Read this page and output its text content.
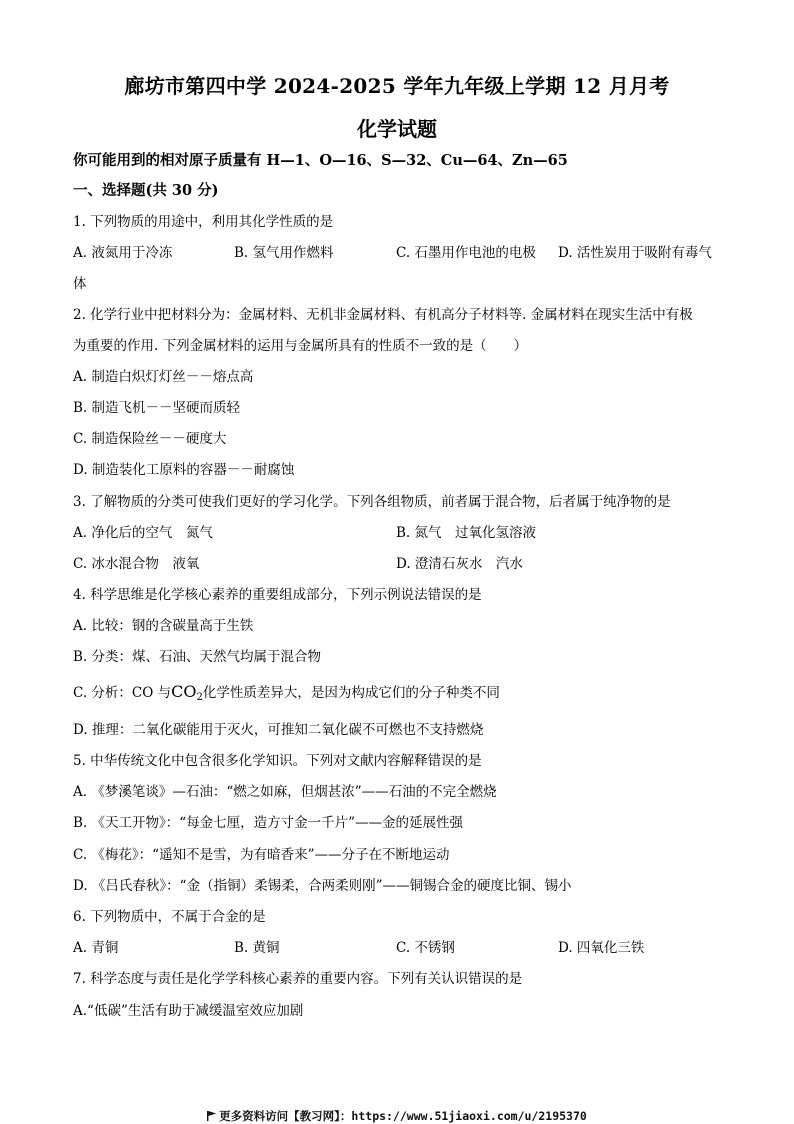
廊坊市第四中学 2024-2025 学年九年级上学期 12 月月考
化学试题
你可能用到的相对原子质量有 H—1、O—16、S—32、Cu—64、Zn—65
一、选择题(共 30 分)
1. 下列物质的用途中，利用其化学性质的是
A. 液氮用于冷冻	B. 氢气用作燃料	C. 石墨用作电池的电极 D. 活性炭用于吸附有毒气
体
2. 化学行业中把材料分为：金属材料、无机非金属材料、有机高分子材料等. 金属材料在现实生活中有极
为重要的作用. 下列金属材料的运用与金属所具有的性质不一致的是（　　）
A. 制造白炽灯灯丝－－熔点高
B. 制造飞机－－坚硬而质轻
C. 制造保险丝－－硬度大
D. 制造装化工原料的容器－－耐腐蚀
3. 了解物质的分类可使我们更好的学习化学。下列各组物质，前者属于混合物，后者属于纯净物的是
A. 净化后的空气　氮气	B. 氮气　过氧化氢溶液
C. 冰水混合物　液氧	D. 澄清石灰水　汽水
4. 科学思维是化学核心素养的重要组成部分，下列示例说法错误的是
A. 比较：钢的含碳量高于生铁
B. 分类：煤、石油、天然气均属于混合物
C. 分析：CO 与$CO_2$化学性质差异大，是因为构成它们的分子种类不同
D. 推理：二氧化碳能用于灭火，可推知二氧化碳不可燃也不支持燃烧
5. 中华传统文化中包含很多化学知识。下列对文献内容解释错误的是
A. 《梦溪笔谈》—石油：“燃之如麻，但烟甚浓”——石油的不完全燃烧
B. 《天工开物》：“每金七厘，造方寸金一千片”——金的延展性强
C. 《梅花》：“遥知不是雪，为有暗香来”——分子在不断地运动
D. 《吕氏春秋》：“金（指铜）柔锡柔，合两柔则刚”——铜锡合金的硬度比铜、锡小
6. 下列物质中，不属于合金的是
A. 青铜	B. 黄铜	C. 不锈钢	D. 四氧化三铁
7. 科学态度与责任是化学学科核心素养的重要内容。下列有关认识错误的是
A.“低碳”生活有助于减缓温室效应加剧
更多资料访问【教习网】：https://www.51jiaoxi.com/u/2195370
